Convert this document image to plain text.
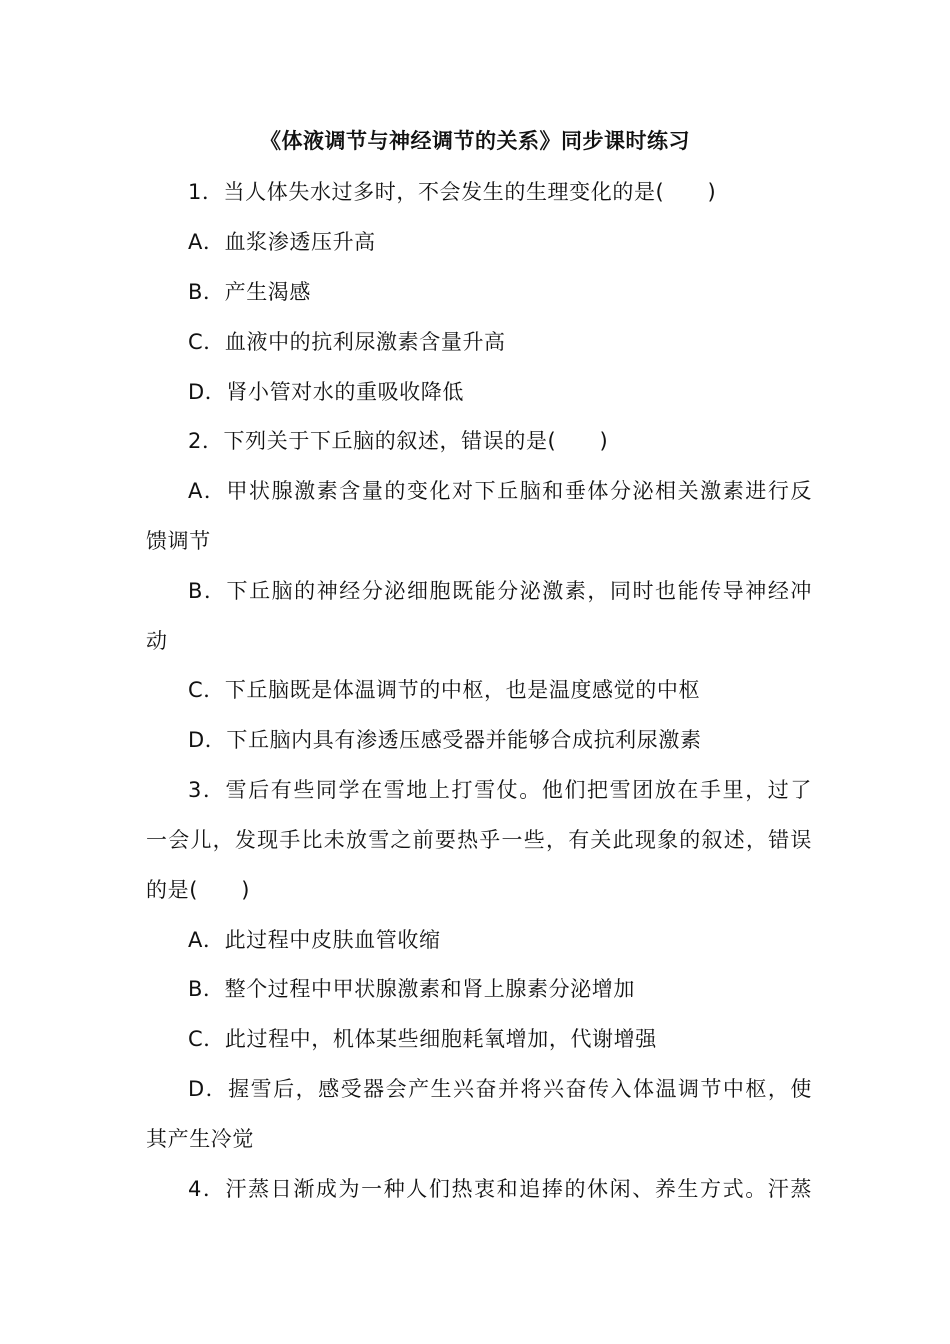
《体液调节与神经调节的关系》同步课时练习
1．当人体失水过多时，不会发生的生理变化的是(　　)
A．血浆渗透压升高
B．产生渴感
C．血液中的抗利尿激素含量升高
D．肾小管对水的重吸收降低
2．下列关于下丘脑的叙述，错误的是(　　)
A．甲状腺激素含量的变化对下丘脑和垂体分泌相关激素进行反
馈调节
B．下丘脑的神经分泌细胞既能分泌激素，同时也能传导神经冲
动
C．下丘脑既是体温调节的中枢，也是温度感觉的中枢
D．下丘脑内具有渗透压感受器并能够合成抗利尿激素
3．雪后有些同学在雪地上打雪仗。他们把雪团放在手里，过了
一会儿，发现手比未放雪之前要热乎一些，有关此现象的叙述，错误
的是(　　)
A．此过程中皮肤血管收缩
B．整个过程中甲状腺激素和肾上腺素分泌增加
C．此过程中，机体某些细胞耗氧增加，代谢增强
D．握雪后，感受器会产生兴奋并将兴奋传入体温调节中枢，使
其产生冷觉
4．汗蒸日渐成为一种人们热衷和追捧的休闲、养生方式。汗蒸
